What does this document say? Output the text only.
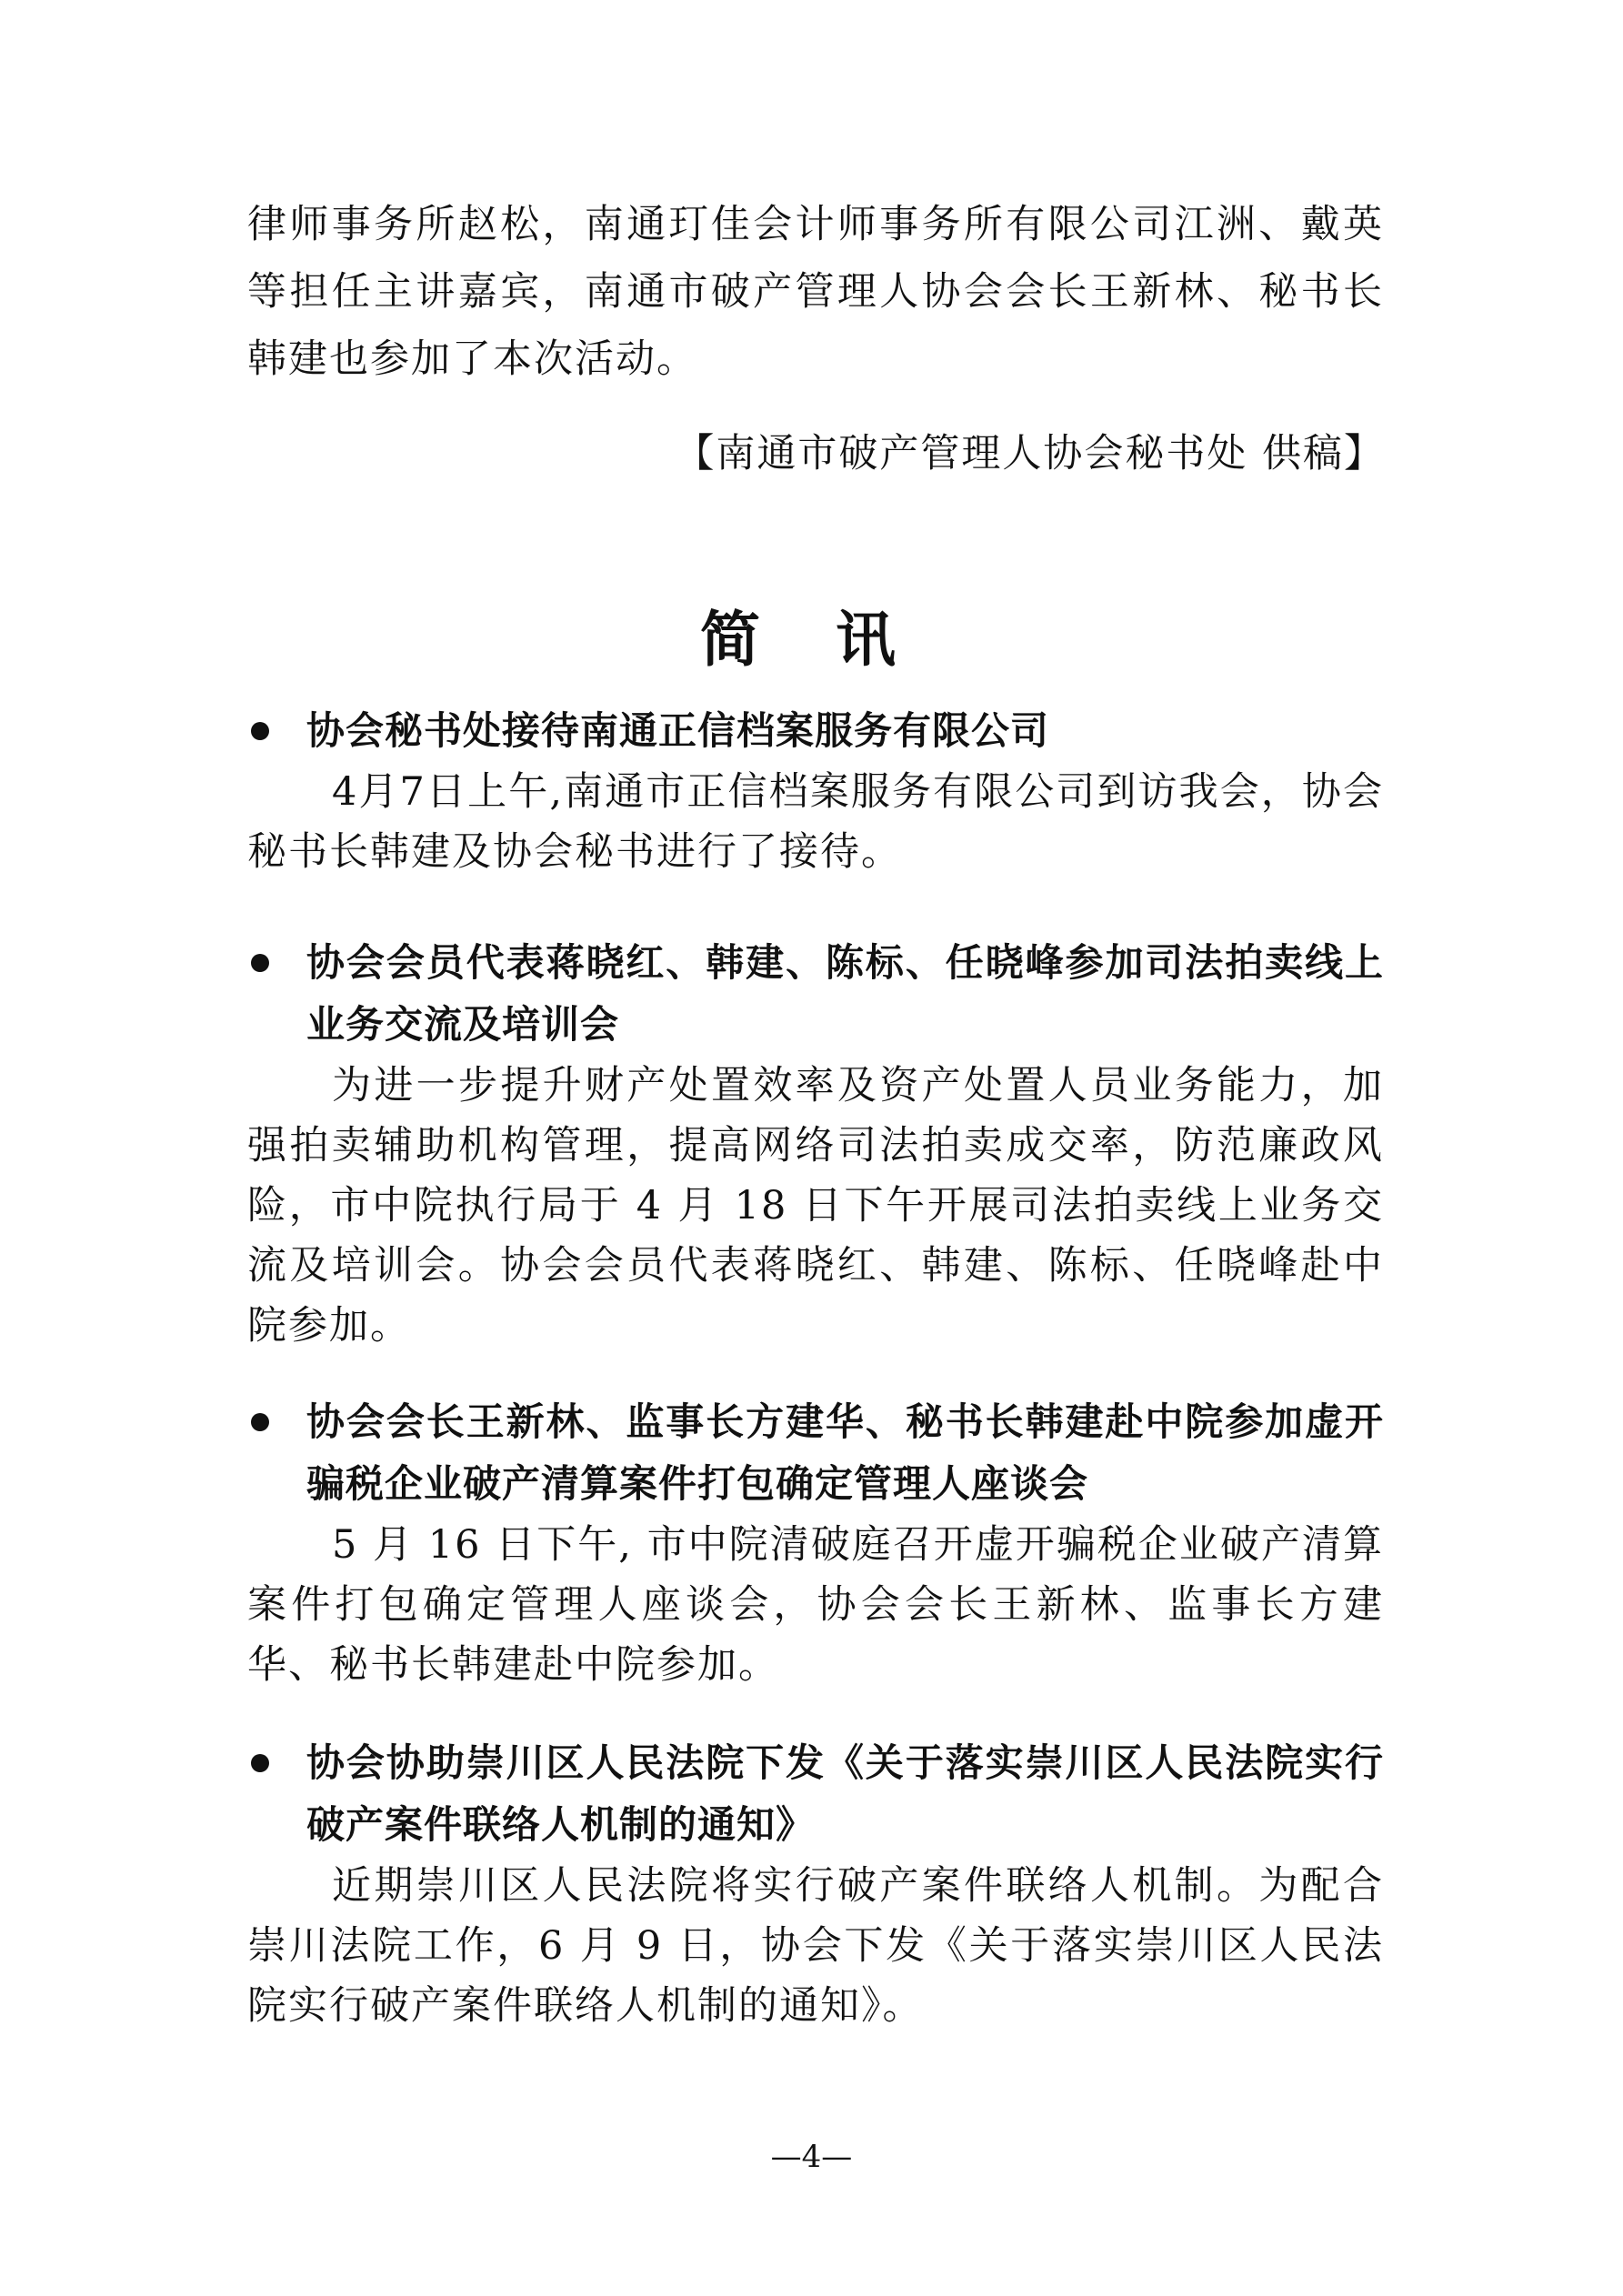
律师事务所赵松，南通玎佳会计师事务所有限公司江洲、戴英等担任主讲嘉宾，南通市破产管理人协会会长王新林、秘书长韩建也参加了本次活动。

【南通市破产管理人协会秘书处 供稿】
简 讯
协会秘书处接待南通正信档案服务有限公司

4月7日上午,南通市正信档案服务有限公司到访我会，协会秘书长韩建及协会秘书进行了接待。

协会会员代表蒋晓红、韩建、陈标、任晓峰参加司法拍卖线上业务交流及培训会

为进一步提升财产处置效率及资产处置人员业务能力，加强拍卖辅助机构管理，提高网络司法拍卖成交率，防范廉政风险，市中院执行局于 4 月 18 日下午开展司法拍卖线上业务交流及培训会。协会会员代表蒋晓红、韩建、陈标、任晓峰赴中院参加。

协会会长王新林、监事长方建华、秘书长韩建赴中院参加虚开骗税企业破产清算案件打包确定管理人座谈会

5 月 16 日下午, 市中院清破庭召开虚开骗税企业破产清算案件打包确定管理人座谈会，协会会长王新林、监事长方建华、秘书长韩建赴中院参加。

协会协助崇川区人民法院下发《关于落实崇川区人民法院实行破产案件联络人机制的通知》

近期崇川区人民法院将实行破产案件联络人机制。为配合崇川法院工作，6 月 9 日，协会下发《关于落实崇川区人民法院实行破产案件联络人机制的通知》。

—4—
